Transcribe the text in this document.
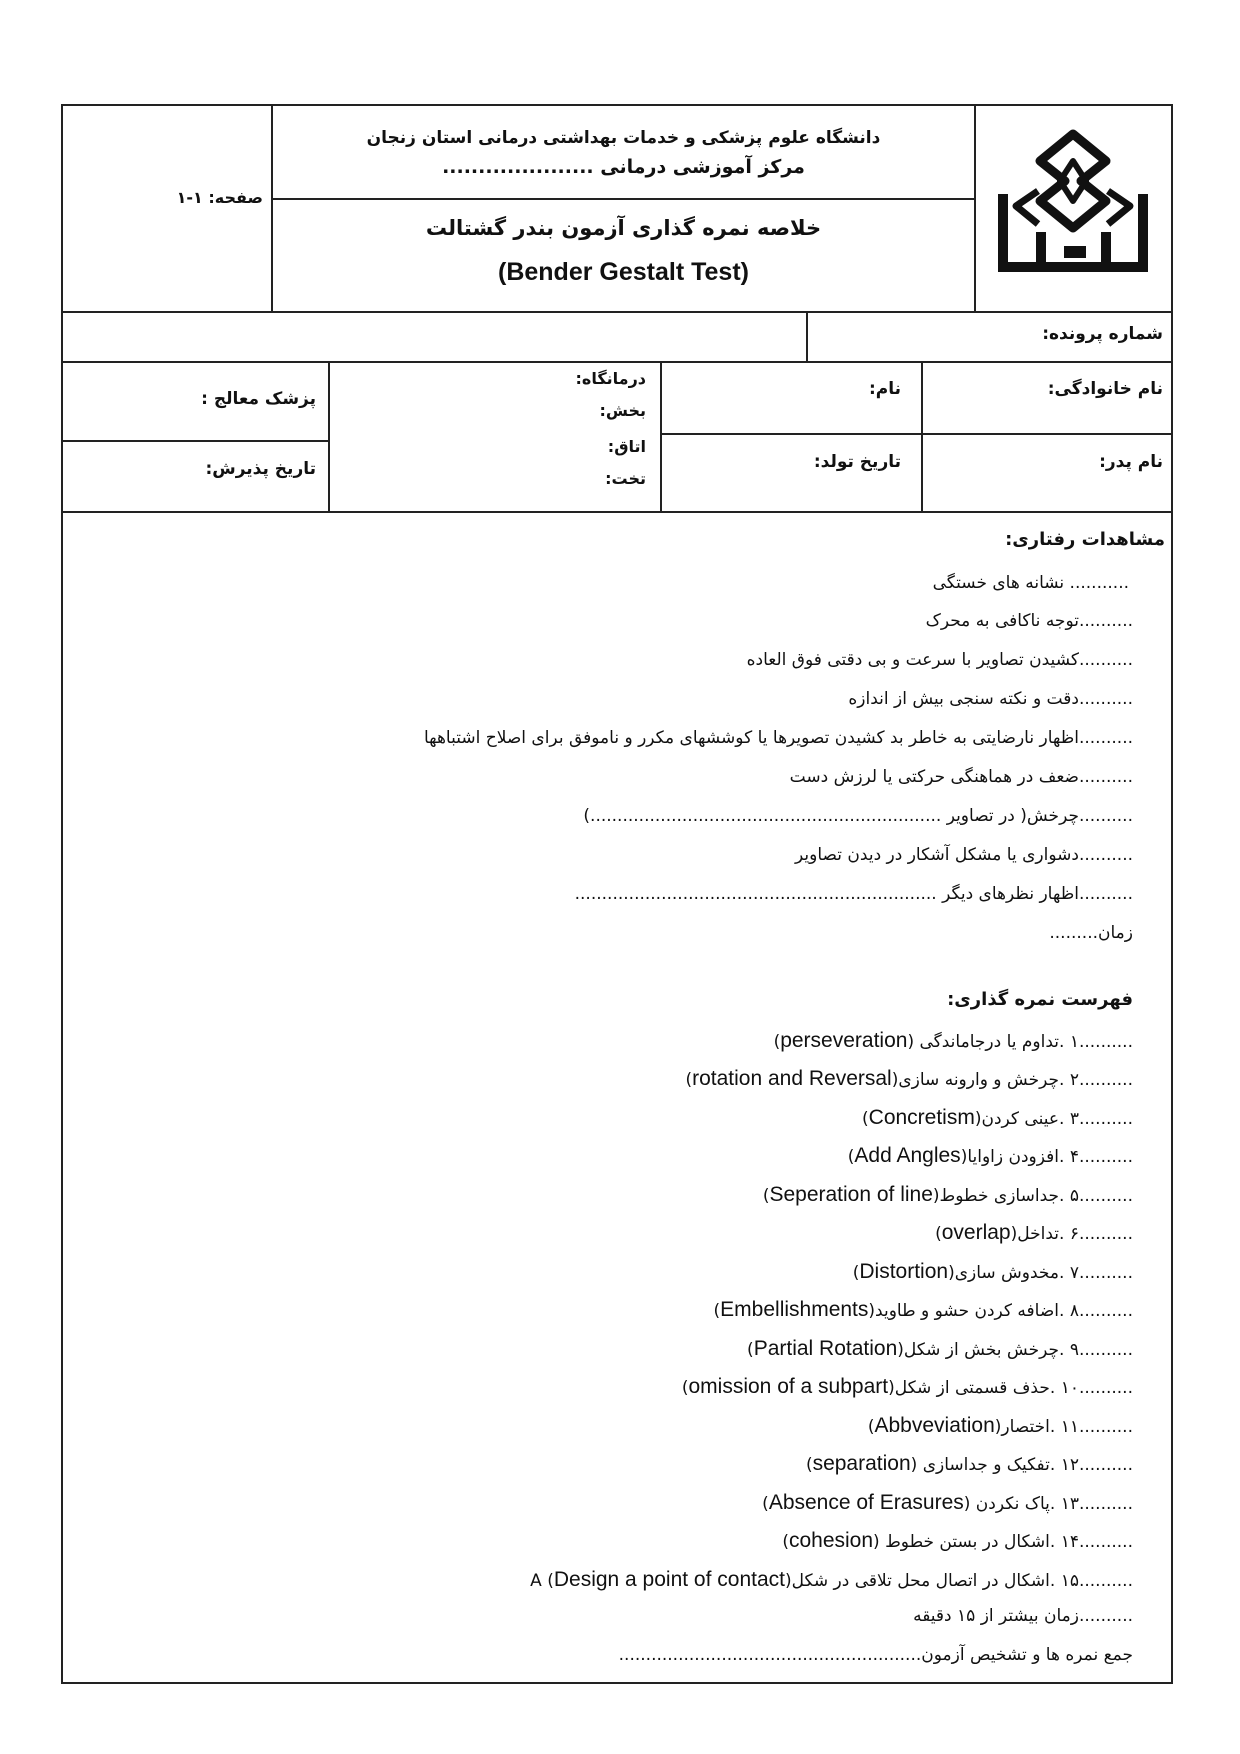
دانشگاه علوم پزشکی و خدمات بهداشتی درمانی استان زنجان
مرکز آموزشی درمانی .....................
خلاصه نمره گذاری آزمون بندر گشتالت
(Bender Gestalt Test)
صفحه: ۱-۱
شماره پرونده:
نام خانوادگی:
نام:
درمانگاه:
بخش:
اتاق:
تخت:
پزشک معالج :
نام پدر:
تاریخ تولد:
تاریخ پذیرش:
مشاهدات رفتاری:
........... نشانه های خستگی
..........توجه ناکافی به محرک
..........کشیدن تصاویر با سرعت و بی دقتی فوق العاده
..........دقت و نکته سنجی بیش از اندازه
..........اظهار نارضایتی به خاطر بد کشیدن تصویرها یا کوششهای مکرر و ناموفق برای اصلاح اشتباهها
..........ضعف در هماهنگی حرکتی یا لرزش دست
..........چرخش( در تصاویر .................................................................)
..........دشواری یا مشکل آشکار در دیدن تصاویر
..........اظهار نظرهای دیگر ...................................................................
زمان.........
فهرست نمره گذاری:
..........۱ .تداوم یا درجاماندگی (perseveration)
..........۲ .چرخش و وارونه سازی(rotation and Reversal)
..........۳ .عینی کردن(Concretism)
..........۴ .افزودن زاوایا(Add Angles)
..........۵ .جداسازی خطوط(Seperation of line)
..........۶ .تداخل(overlap)
..........۷ .مخدوش سازی(Distortion)
..........۸ .اضافه کردن حشو و طاوید(Embellishments)
..........۹ .چرخش بخش از شکل(Partial Rotation)
..........۱۰ .حذف قسمتی از شکل(omission of a subpart)
..........۱۱ .اختصار(Abbveviation)
..........۱۲ .تفکیک و جداسازی (separation)
..........۱۳ .پاک نکردن (Absence of Erasures)
..........۱۴ .اشکال در بستن خطوط (cohesion)
..........۱۵ .اشکال در اتصال محل تلاقی در شکلA (Design a point of contact)
..........زمان بیشتر از ۱۵ دقیقه
جمع نمره ها و تشخیص آزمون........................................................
